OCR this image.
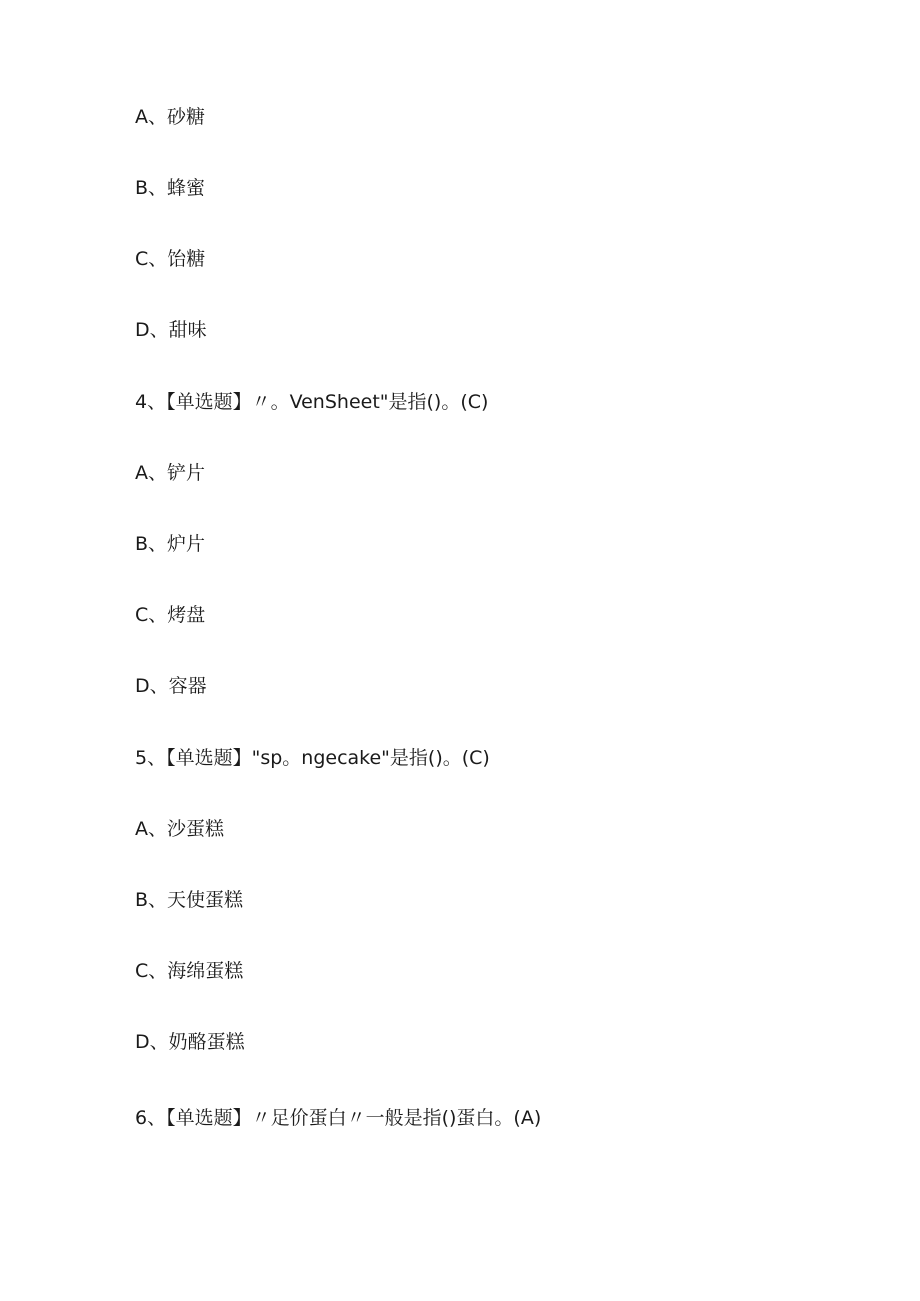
A、砂糖
B、蜂蜜
C、饴糖
D、甜味
4、【单选题】〃。VenSheet"是指()。(C)
A、铲片
B、炉片
C、烤盘
D、容器
5、【单选题】"sp。ngecake"是指()。(C)
A、沙蛋糕
B、天使蛋糕
C、海绵蛋糕
D、奶酪蛋糕
6、【单选题】〃足价蛋白〃一般是指()蛋白。(A)
